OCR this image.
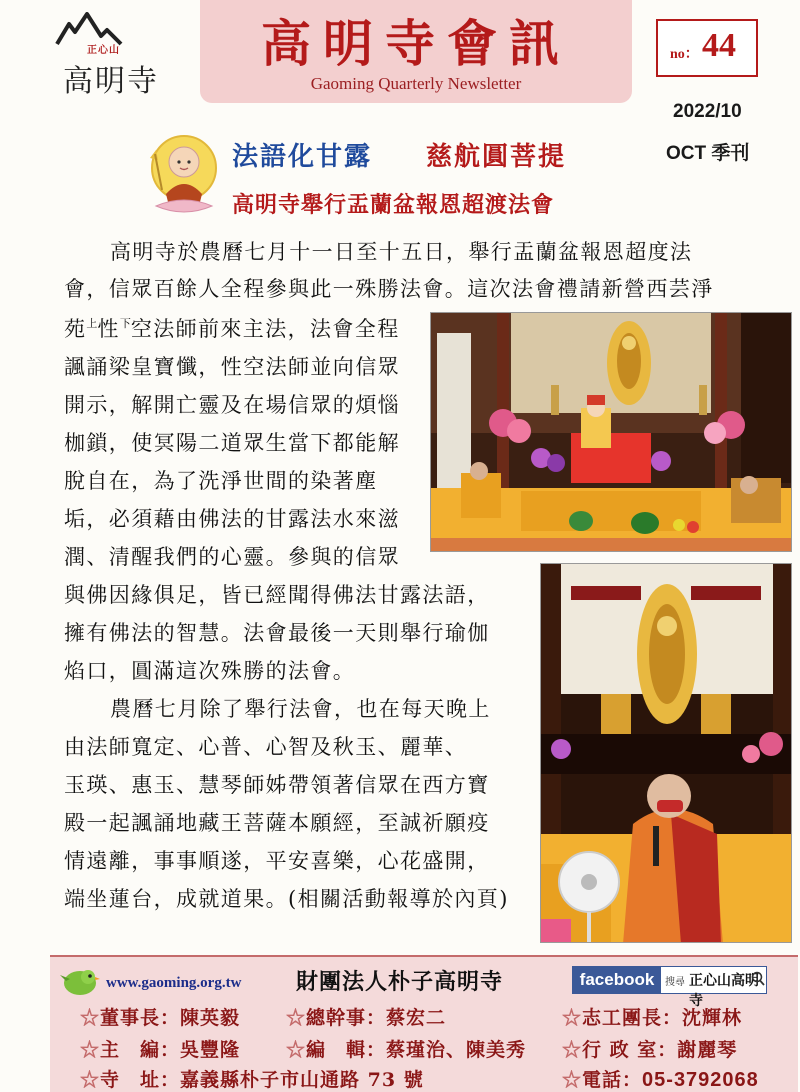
正心山
高明寺
高明寺會訊
Gaoming Quarterly Newsletter
no： 44
2022/10
OCT 季刊
法語化甘露 慈航圓菩提
高明寺舉行盂蘭盆報恩超渡法會
高明寺於農曆七月十一日至十五日，舉行盂蘭盆報恩超度法
會，信眾百餘人全程參與此一殊勝法會。這次法會禮請新營西芸淨
苑$^上$性$^下$空法師前來主法，法會全程
諷誦梁皇寶懺，性空法師並向信眾
開示，解開亡靈及在場信眾的煩惱
枷鎖，使冥陽二道眾生當下都能解
脫自在，為了洗淨世間的染著塵
垢，必須藉由佛法的甘露法水來滋
潤、清醒我們的心靈。參與的信眾
與佛因緣俱足，皆已經聞得佛法甘露法語，
擁有佛法的智慧。法會最後一天則舉行瑜伽
焰口，圓滿這次殊勝的法會。
農曆七月除了舉行法會，也在每天晚上
由法師寬定、心普、心智及秋玉、麗華、
玉瑛、惠玉、慧琴師姊帶領著信眾在西方寶
殿一起諷誦地藏王菩薩本願經，至誠祈願疫
情遠離，事事順遂，平安喜樂，心花盛開，
端坐蓮台，成就道果。(相關活動報導於內頁)
www.gaoming.org.tw 財團法人朴子高明寺	facebook	搜尋 正心山高明寺
☆董事長：陳英毅 ☆總幹事：蔡宏二	☆志工團長：沈輝林
☆主　編：吳豐隆 ☆編　輯：蔡瑾治、陳美秀 ☆行 政 室：謝麗琴
☆寺　址：嘉義縣朴子市山通路 73 號	☆電話：05-3792068
